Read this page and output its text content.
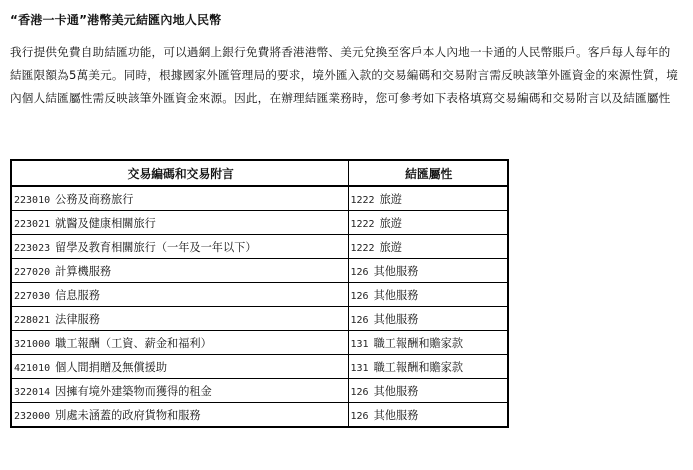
“香港一卡通”港幣美元結匯內地人民幣
我行提供免費自助結匯功能，可以過網上銀行免費將香港港幣、美元兌換至客戶本人內地一卡通的人民幣賬戶。客戶每人每年的結匯限額為5萬美元。同時，根據國家外匯管理局的要求，境外匯入款的交易編碼和交易附言需反映該筆外匯資金的來源性質，境內個人結匯屬性需反映該筆外匯資金來源。因此，在辦理結匯業務時，您可參考如下表格填寫交易編碼和交易附言以及結匯屬性
交易編碼和交易附言	結匯屬性
223010 公務及商務旅行	1222 旅遊
223021 就醫及健康相關旅行	1222 旅遊
223023 留學及教育相關旅行（一年及一年以下）	1222 旅遊
227020 計算機服務	126 其他服務
227030 信息服務	126 其他服務
228021 法律服務	126 其他服務
321000 職工報酬（工資、薪金和福利）	131 職工報酬和贍家款
421010 個人間捐贈及無償援助	131 職工報酬和贍家款
322014 因擁有境外建築物而獲得的租金	126 其他服務
232000 別處未涵蓋的政府貨物和服務	126 其他服務
